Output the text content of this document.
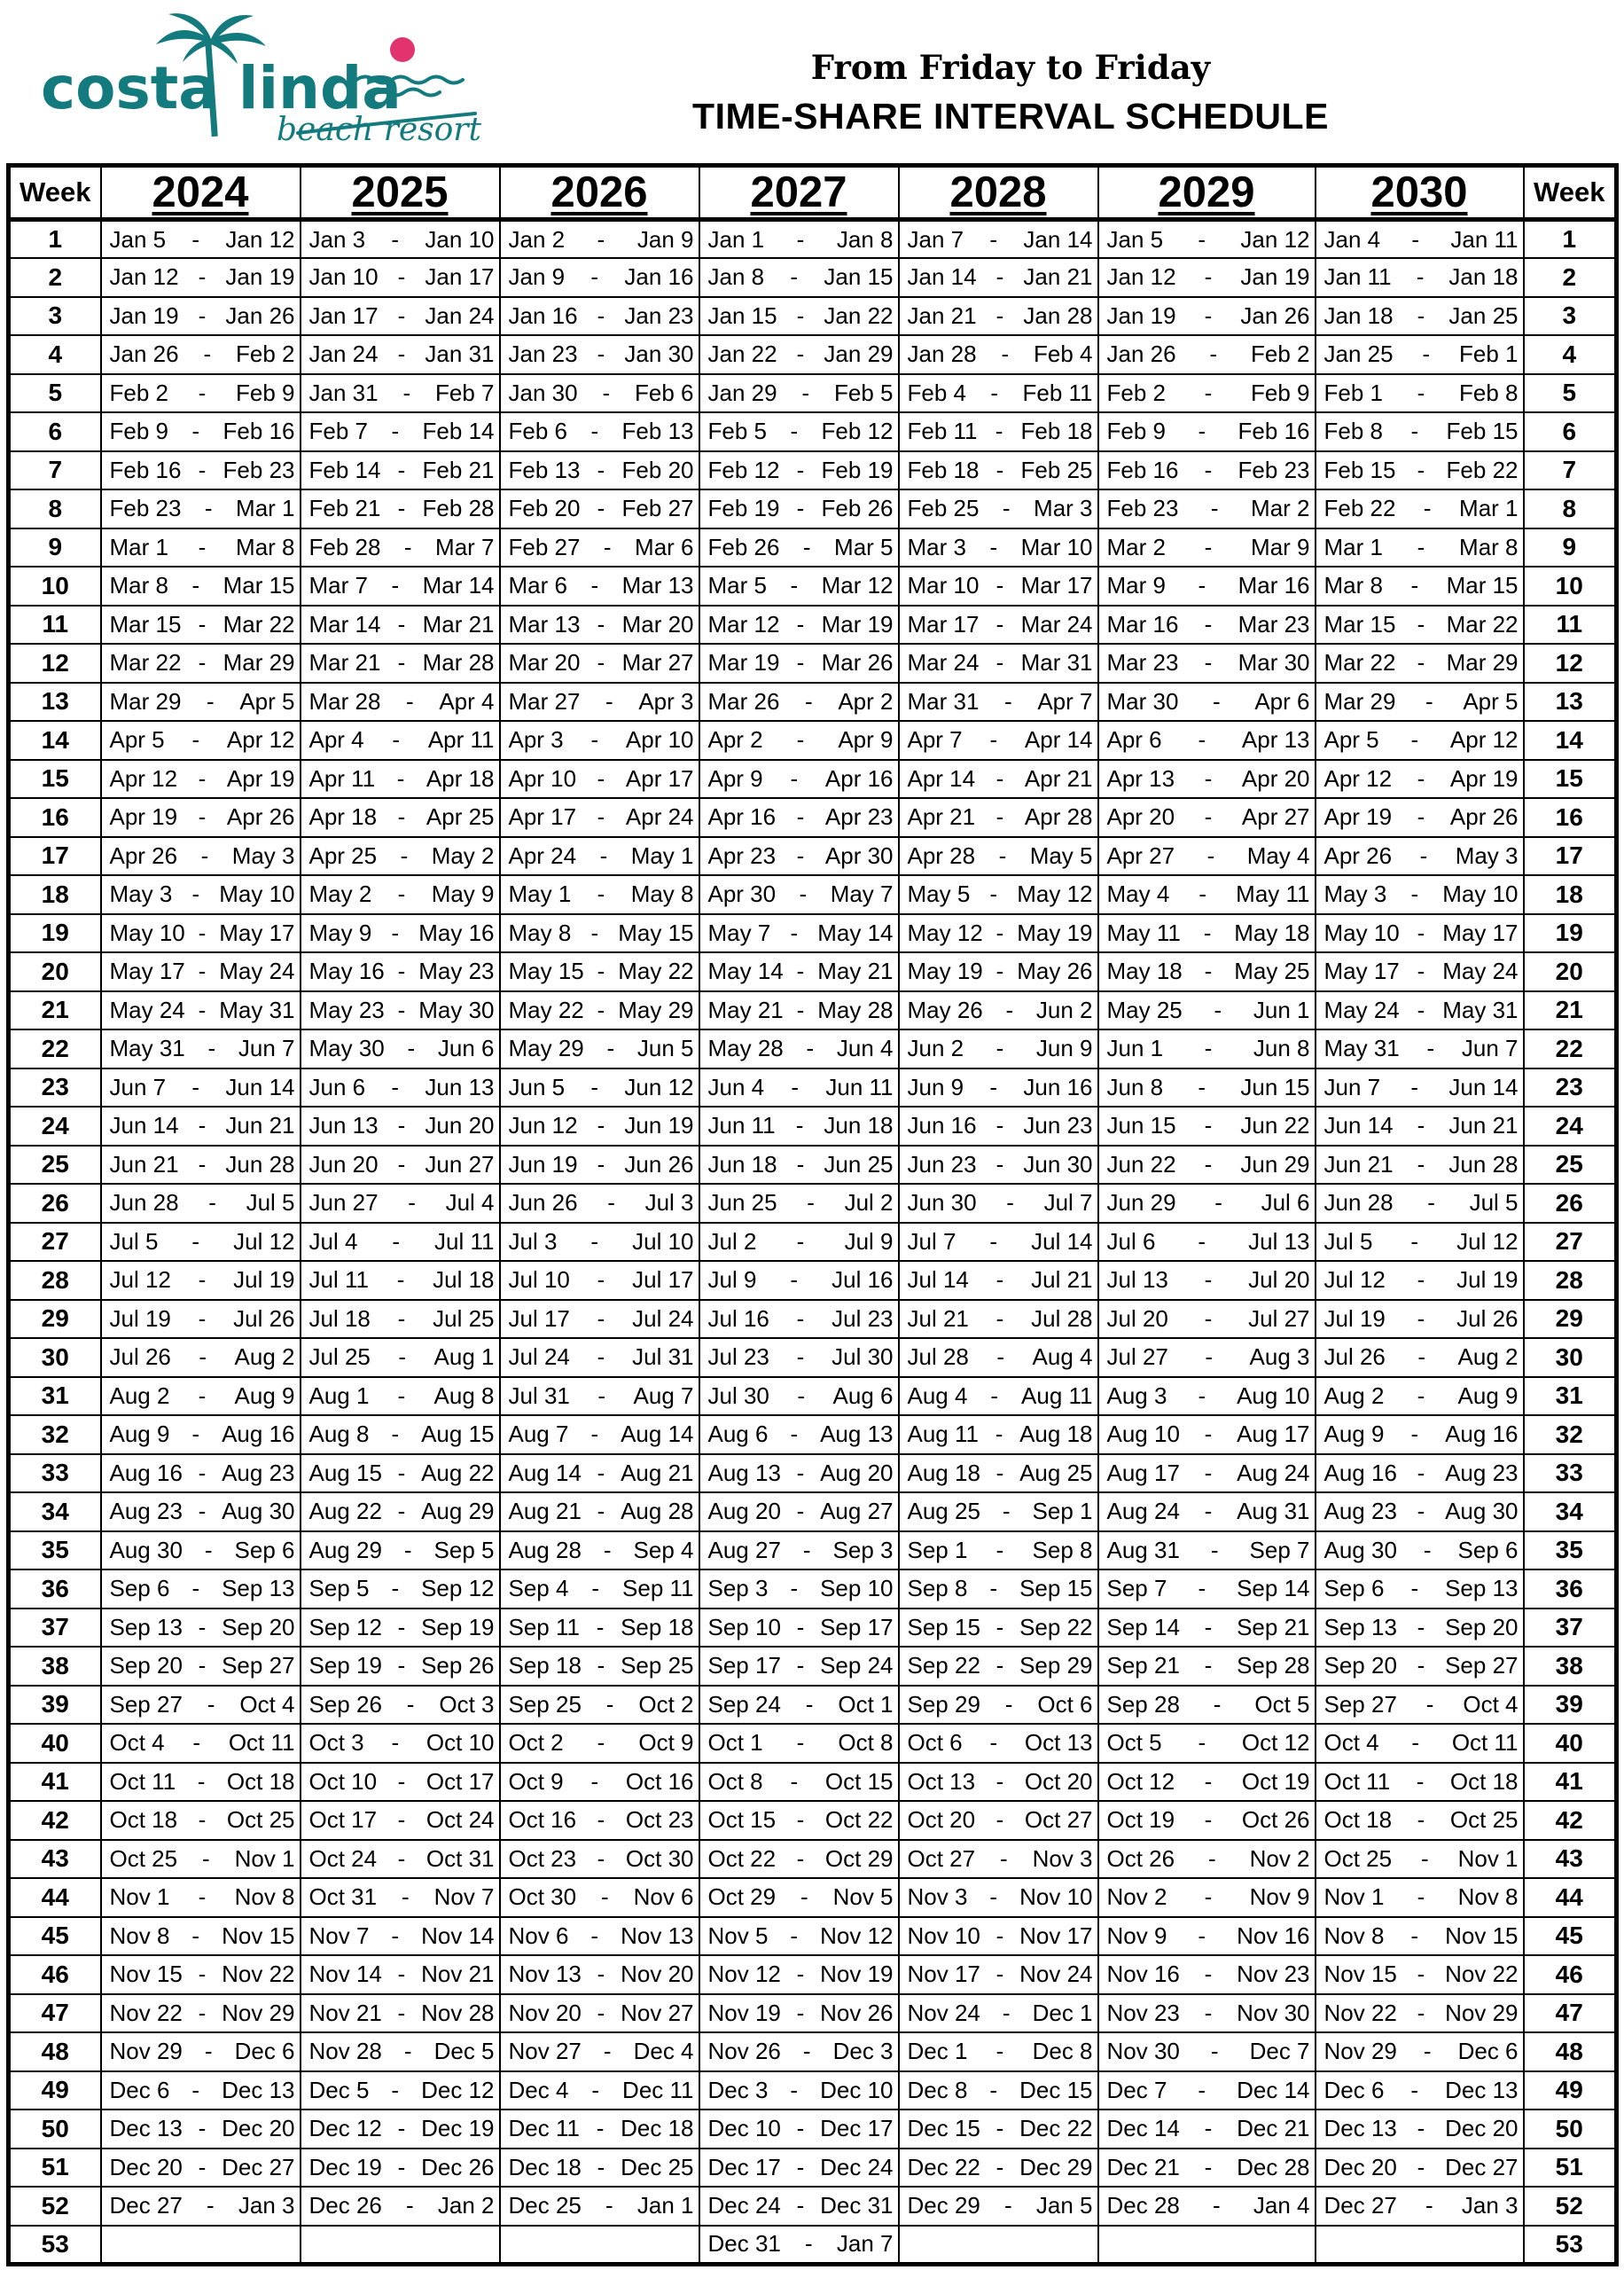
costa linda
beach resort
From Friday to Friday
TIME-SHARE INTERVAL SCHEDULE
Week	2024	2025	2026	2027	2028	2029	2030	Week
1	Jan 5 - Jan 12	Jan 3 - Jan 10	Jan 2 - Jan 9	Jan 1 - Jan 8	Jan 7 - Jan 14	Jan 5 - Jan 12	Jan 4 - Jan 11	1
2	Jan 12 - Jan 19	Jan 10 - Jan 17	Jan 9 - Jan 16	Jan 8 - Jan 15	Jan 14 - Jan 21	Jan 12 - Jan 19	Jan 11 - Jan 18	2
3	Jan 19 - Jan 26	Jan 17 - Jan 24	Jan 16 - Jan 23	Jan 15 - Jan 22	Jan 21 - Jan 28	Jan 19 - Jan 26	Jan 18 - Jan 25	3
4	Jan 26 - Feb 2	Jan 24 - Jan 31	Jan 23 - Jan 30	Jan 22 - Jan 29	Jan 28 - Feb 4	Jan 26 - Feb 2	Jan 25 - Feb 1	4
5	Feb 2 - Feb 9	Jan 31 - Feb 7	Jan 30 - Feb 6	Jan 29 - Feb 5	Feb 4 - Feb 11	Feb 2 - Feb 9	Feb 1 - Feb 8	5
6	Feb 9 - Feb 16	Feb 7 - Feb 14	Feb 6 - Feb 13	Feb 5 - Feb 12	Feb 11 - Feb 18	Feb 9 - Feb 16	Feb 8 - Feb 15	6
7	Feb 16 - Feb 23	Feb 14 - Feb 21	Feb 13 - Feb 20	Feb 12 - Feb 19	Feb 18 - Feb 25	Feb 16 - Feb 23	Feb 15 - Feb 22	7
8	Feb 23 - Mar 1	Feb 21 - Feb 28	Feb 20 - Feb 27	Feb 19 - Feb 26	Feb 25 - Mar 3	Feb 23 - Mar 2	Feb 22 - Mar 1	8
9	Mar 1 - Mar 8	Feb 28 - Mar 7	Feb 27 - Mar 6	Feb 26 - Mar 5	Mar 3 - Mar 10	Mar 2 - Mar 9	Mar 1 - Mar 8	9
10	Mar 8 - Mar 15	Mar 7 - Mar 14	Mar 6 - Mar 13	Mar 5 - Mar 12	Mar 10 - Mar 17	Mar 9 - Mar 16	Mar 8 - Mar 15	10
11	Mar 15 - Mar 22	Mar 14 - Mar 21	Mar 13 - Mar 20	Mar 12 - Mar 19	Mar 17 - Mar 24	Mar 16 - Mar 23	Mar 15 - Mar 22	11
12	Mar 22 - Mar 29	Mar 21 - Mar 28	Mar 20 - Mar 27	Mar 19 - Mar 26	Mar 24 - Mar 31	Mar 23 - Mar 30	Mar 22 - Mar 29	12
13	Mar 29 - Apr 5	Mar 28 - Apr 4	Mar 27 - Apr 3	Mar 26 - Apr 2	Mar 31 - Apr 7	Mar 30 - Apr 6	Mar 29 - Apr 5	13
14	Apr 5 - Apr 12	Apr 4 - Apr 11	Apr 3 - Apr 10	Apr 2 - Apr 9	Apr 7 - Apr 14	Apr 6 - Apr 13	Apr 5 - Apr 12	14
15	Apr 12 - Apr 19	Apr 11 - Apr 18	Apr 10 - Apr 17	Apr 9 - Apr 16	Apr 14 - Apr 21	Apr 13 - Apr 20	Apr 12 - Apr 19	15
16	Apr 19 - Apr 26	Apr 18 - Apr 25	Apr 17 - Apr 24	Apr 16 - Apr 23	Apr 21 - Apr 28	Apr 20 - Apr 27	Apr 19 - Apr 26	16
17	Apr 26 - May 3	Apr 25 - May 2	Apr 24 - May 1	Apr 23 - Apr 30	Apr 28 - May 5	Apr 27 - May 4	Apr 26 - May 3	17
18	May 3 - May 10	May 2 - May 9	May 1 - May 8	Apr 30 - May 7	May 5 - May 12	May 4 - May 11	May 3 - May 10	18
19	May 10 - May 17	May 9 - May 16	May 8 - May 15	May 7 - May 14	May 12 - May 19	May 11 - May 18	May 10 - May 17	19
20	May 17 - May 24	May 16 - May 23	May 15 - May 22	May 14 - May 21	May 19 - May 26	May 18 - May 25	May 17 - May 24	20
21	May 24 - May 31	May 23 - May 30	May 22 - May 29	May 21 - May 28	May 26 - Jun 2	May 25 - Jun 1	May 24 - May 31	21
22	May 31 - Jun 7	May 30 - Jun 6	May 29 - Jun 5	May 28 - Jun 4	Jun 2 - Jun 9	Jun 1 - Jun 8	May 31 - Jun 7	22
23	Jun 7 - Jun 14	Jun 6 - Jun 13	Jun 5 - Jun 12	Jun 4 - Jun 11	Jun 9 - Jun 16	Jun 8 - Jun 15	Jun 7 - Jun 14	23
24	Jun 14 - Jun 21	Jun 13 - Jun 20	Jun 12 - Jun 19	Jun 11 - Jun 18	Jun 16 - Jun 23	Jun 15 - Jun 22	Jun 14 - Jun 21	24
25	Jun 21 - Jun 28	Jun 20 - Jun 27	Jun 19 - Jun 26	Jun 18 - Jun 25	Jun 23 - Jun 30	Jun 22 - Jun 29	Jun 21 - Jun 28	25
26	Jun 28 - Jul 5	Jun 27 - Jul 4	Jun 26 - Jul 3	Jun 25 - Jul 2	Jun 30 - Jul 7	Jun 29 - Jul 6	Jun 28 - Jul 5	26
27	Jul 5 - Jul 12	Jul 4 - Jul 11	Jul 3 - Jul 10	Jul 2 - Jul 9	Jul 7 - Jul 14	Jul 6 - Jul 13	Jul 5 - Jul 12	27
28	Jul 12 - Jul 19	Jul 11 - Jul 18	Jul 10 - Jul 17	Jul 9 - Jul 16	Jul 14 - Jul 21	Jul 13 - Jul 20	Jul 12 - Jul 19	28
29	Jul 19 - Jul 26	Jul 18 - Jul 25	Jul 17 - Jul 24	Jul 16 - Jul 23	Jul 21 - Jul 28	Jul 20 - Jul 27	Jul 19 - Jul 26	29
30	Jul 26 - Aug 2	Jul 25 - Aug 1	Jul 24 - Jul 31	Jul 23 - Jul 30	Jul 28 - Aug 4	Jul 27 - Aug 3	Jul 26 - Aug 2	30
31	Aug 2 - Aug 9	Aug 1 - Aug 8	Jul 31 - Aug 7	Jul 30 - Aug 6	Aug 4 - Aug 11	Aug 3 - Aug 10	Aug 2 - Aug 9	31
32	Aug 9 - Aug 16	Aug 8 - Aug 15	Aug 7 - Aug 14	Aug 6 - Aug 13	Aug 11 - Aug 18	Aug 10 - Aug 17	Aug 9 - Aug 16	32
33	Aug 16 - Aug 23	Aug 15 - Aug 22	Aug 14 - Aug 21	Aug 13 - Aug 20	Aug 18 - Aug 25	Aug 17 - Aug 24	Aug 16 - Aug 23	33
34	Aug 23 - Aug 30	Aug 22 - Aug 29	Aug 21 - Aug 28	Aug 20 - Aug 27	Aug 25 - Sep 1	Aug 24 - Aug 31	Aug 23 - Aug 30	34
35	Aug 30 - Sep 6	Aug 29 - Sep 5	Aug 28 - Sep 4	Aug 27 - Sep 3	Sep 1 - Sep 8	Aug 31 - Sep 7	Aug 30 - Sep 6	35
36	Sep 6 - Sep 13	Sep 5 - Sep 12	Sep 4 - Sep 11	Sep 3 - Sep 10	Sep 8 - Sep 15	Sep 7 - Sep 14	Sep 6 - Sep 13	36
37	Sep 13 - Sep 20	Sep 12 - Sep 19	Sep 11 - Sep 18	Sep 10 - Sep 17	Sep 15 - Sep 22	Sep 14 - Sep 21	Sep 13 - Sep 20	37
38	Sep 20 - Sep 27	Sep 19 - Sep 26	Sep 18 - Sep 25	Sep 17 - Sep 24	Sep 22 - Sep 29	Sep 21 - Sep 28	Sep 20 - Sep 27	38
39	Sep 27 - Oct 4	Sep 26 - Oct 3	Sep 25 - Oct 2	Sep 24 - Oct 1	Sep 29 - Oct 6	Sep 28 - Oct 5	Sep 27 - Oct 4	39
40	Oct 4 - Oct 11	Oct 3 - Oct 10	Oct 2 - Oct 9	Oct 1 - Oct 8	Oct 6 - Oct 13	Oct 5 - Oct 12	Oct 4 - Oct 11	40
41	Oct 11 - Oct 18	Oct 10 - Oct 17	Oct 9 - Oct 16	Oct 8 - Oct 15	Oct 13 - Oct 20	Oct 12 - Oct 19	Oct 11 - Oct 18	41
42	Oct 18 - Oct 25	Oct 17 - Oct 24	Oct 16 - Oct 23	Oct 15 - Oct 22	Oct 20 - Oct 27	Oct 19 - Oct 26	Oct 18 - Oct 25	42
43	Oct 25 - Nov 1	Oct 24 - Oct 31	Oct 23 - Oct 30	Oct 22 - Oct 29	Oct 27 - Nov 3	Oct 26 - Nov 2	Oct 25 - Nov 1	43
44	Nov 1 - Nov 8	Oct 31 - Nov 7	Oct 30 - Nov 6	Oct 29 - Nov 5	Nov 3 - Nov 10	Nov 2 - Nov 9	Nov 1 - Nov 8	44
45	Nov 8 - Nov 15	Nov 7 - Nov 14	Nov 6 - Nov 13	Nov 5 - Nov 12	Nov 10 - Nov 17	Nov 9 - Nov 16	Nov 8 - Nov 15	45
46	Nov 15 - Nov 22	Nov 14 - Nov 21	Nov 13 - Nov 20	Nov 12 - Nov 19	Nov 17 - Nov 24	Nov 16 - Nov 23	Nov 15 - Nov 22	46
47	Nov 22 - Nov 29	Nov 21 - Nov 28	Nov 20 - Nov 27	Nov 19 - Nov 26	Nov 24 - Dec 1	Nov 23 - Nov 30	Nov 22 - Nov 29	47
48	Nov 29 - Dec 6	Nov 28 - Dec 5	Nov 27 - Dec 4	Nov 26 - Dec 3	Dec 1 - Dec 8	Nov 30 - Dec 7	Nov 29 - Dec 6	48
49	Dec 6 - Dec 13	Dec 5 - Dec 12	Dec 4 - Dec 11	Dec 3 - Dec 10	Dec 8 - Dec 15	Dec 7 - Dec 14	Dec 6 - Dec 13	49
50	Dec 13 - Dec 20	Dec 12 - Dec 19	Dec 11 - Dec 18	Dec 10 - Dec 17	Dec 15 - Dec 22	Dec 14 - Dec 21	Dec 13 - Dec 20	50
51	Dec 20 - Dec 27	Dec 19 - Dec 26	Dec 18 - Dec 25	Dec 17 - Dec 24	Dec 22 - Dec 29	Dec 21 - Dec 28	Dec 20 - Dec 27	51
52	Dec 27 - Jan 3	Dec 26 - Jan 2	Dec 25 - Jan 1	Dec 24 - Dec 31	Dec 29 - Jan 5	Dec 28 - Jan 4	Dec 27 - Jan 3	52
53				Dec 31 - Jan 7				53
